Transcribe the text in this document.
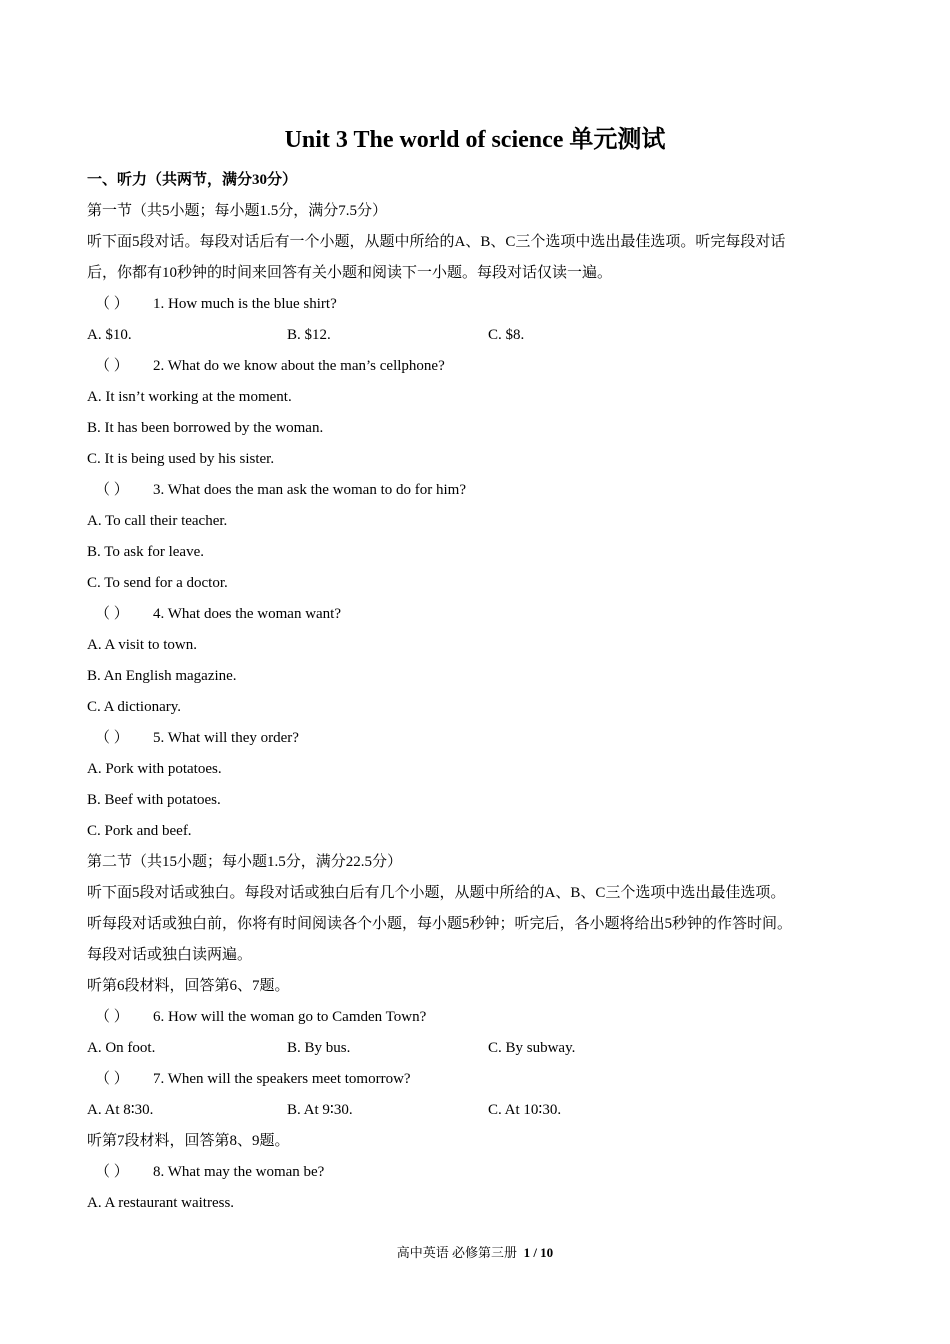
Unit 3 The world of science 单元测试
一、听力（共两节，满分30分）
第一节（共5小题；每小题1.5分，满分7.5分）
听下面5段对话。每段对话后有一个小题，从题中所给的A、B、C三个选项中选出最佳选项。听完每段对话
后，你都有10秒钟的时间来回答有关小题和阅读下一小题。每段对话仅读一遍。
（ ） 1. How much is the blue shirt?
A. $10.	B. $12.	C. $8.
（ ） 2. What do we know about the man’s cellphone?
A. It isn’t working at the moment.
B. It has been borrowed by the woman.
C. It is being used by his sister.
（ ） 3. What does the man ask the woman to do for him?
A. To call their teacher.
B. To ask for leave.
C. To send for a doctor.
（ ） 4. What does the woman want?
A. A visit to town.
B. An English magazine.
C. A dictionary.
（ ） 5. What will they order?
A. Pork with potatoes.
B. Beef with potatoes.
C. Pork and beef.
第二节（共15小题；每小题1.5分，满分22.5分）
听下面5段对话或独白。每段对话或独白后有几个小题，从题中所给的A、B、C三个选项中选出最佳选项。
听每段对话或独白前，你将有时间阅读各个小题，每小题5秒钟；听完后，各小题将给出5秒钟的作答时间。
每段对话或独白读两遍。
听第6段材料，回答第6、7题。
（ ） 6. How will the woman go to Camden Town?
A. On foot.	B. By bus.	C. By subway.
（ ） 7. When will the speakers meet tomorrow?
A. At 8∶30.	B. At 9∶30.	C. At 10∶30.
听第7段材料，回答第8、9题。
（ ） 8. What may the woman be?
A. A restaurant waitress.
高中英语 必修第三册 1 / 10
